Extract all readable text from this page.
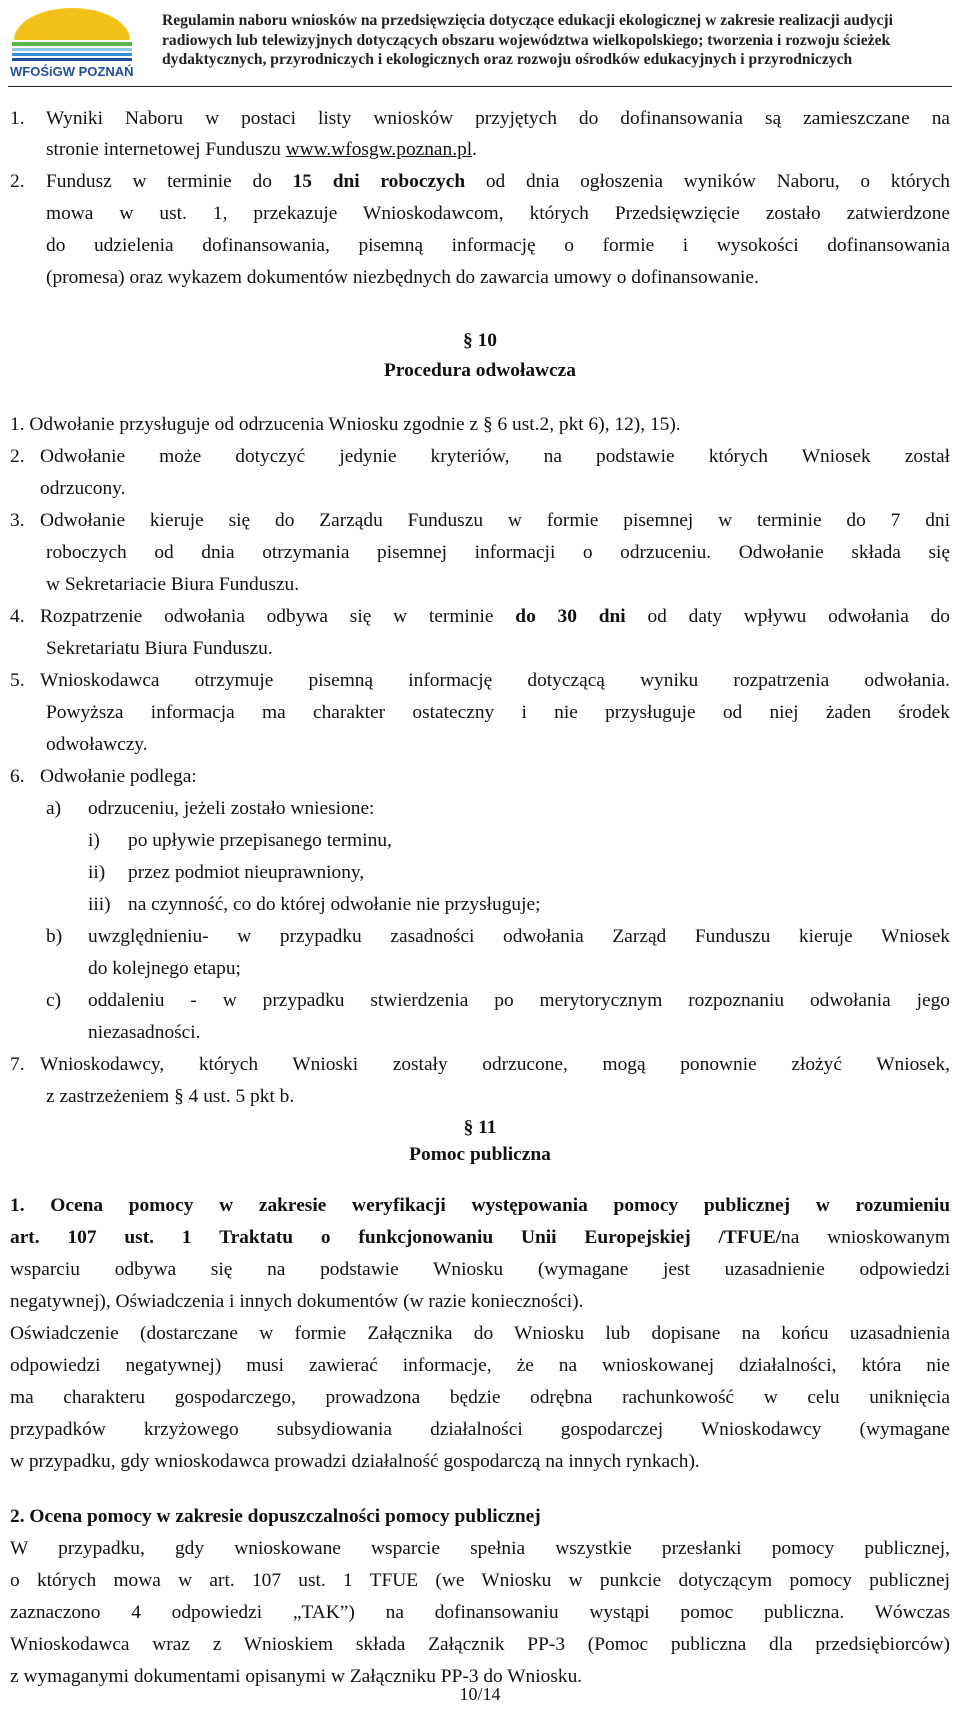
WFOŚiGW POZNAŃ
Regulamin naboru wniosków na przedsięwzięcia dotyczące edukacji ekologicznej w zakresie realizacji audycji
radiowych lub telewizyjnych dotyczących obszaru województwa wielkopolskiego; tworzenia i rozwoju ścieżek
dydaktycznych, przyrodniczych i ekologicznych oraz rozwoju ośrodków edukacyjnych i przyrodniczych
1. Wyniki Naboru w postaci listy wniosków przyjętych do dofinansowania są zamieszczane na
stronie internetowej Funduszu www.wfosgw.poznan.pl.
2. Fundusz w terminie do 15 dni roboczych od dnia ogłoszenia wyników Naboru, o których
mowa w ust. 1, przekazuje Wnioskodawcom, których Przedsięwzięcie zostało zatwierdzone
do udzielenia dofinansowania, pisemną informację o formie i wysokości dofinansowania
(promesa) oraz wykazem dokumentów niezbędnych do zawarcia umowy o dofinansowanie.
§ 10
Procedura odwoławcza
1. Odwołanie przysługuje od odrzucenia Wniosku zgodnie z § 6 ust.2, pkt 6), 12), 15).
2. Odwołanie może dotyczyć jedynie kryteriów, na podstawie których Wniosek został
odrzucony.
3. Odwołanie kieruje się do Zarządu Funduszu w formie pisemnej w terminie do 7 dni
roboczych od dnia otrzymania pisemnej informacji o odrzuceniu. Odwołanie składa się
w Sekretariacie Biura Funduszu.
4. Rozpatrzenie odwołania odbywa się w terminie do 30 dni od daty wpływu odwołania do
Sekretariatu Biura Funduszu.
5. Wnioskodawca otrzymuje pisemną informację dotyczącą wyniku rozpatrzenia odwołania.
Powyższa informacja ma charakter ostateczny i nie przysługuje od niej żaden środek
odwoławczy.
6. Odwołanie podlega:
a) odrzuceniu, jeżeli zostało wniesione:
i) po upływie przepisanego terminu,
ii) przez podmiot nieuprawniony,
iii) na czynność, co do której odwołanie nie przysługuje;
b) uwzględnieniu- w przypadku zasadności odwołania Zarząd Funduszu kieruje Wniosek
do kolejnego etapu;
c) oddaleniu - w przypadku stwierdzenia po merytorycznym rozpoznaniu odwołania jego
niezasadności.
7. Wnioskodawcy, których Wnioski zostały odrzucone, mogą ponownie złożyć Wniosek,
z zastrzeżeniem § 4 ust. 5 pkt b.
§ 11
Pomoc publiczna
1. Ocena pomocy w zakresie weryfikacji występowania pomocy publicznej w rozumieniu
art. 107 ust. 1 Traktatu o funkcjonowaniu Unii Europejskiej /TFUE/na wnioskowanym
wsparciu odbywa się na podstawie Wniosku (wymagane jest uzasadnienie odpowiedzi
negatywnej), Oświadczenia i innych dokumentów (w razie konieczności).
Oświadczenie (dostarczane w formie Załącznika do Wniosku lub dopisane na końcu uzasadnienia
odpowiedzi negatywnej) musi zawierać informacje, że na wnioskowanej działalności, która nie
ma charakteru gospodarczego, prowadzona będzie odrębna rachunkowość w celu uniknięcia
przypadków krzyżowego subsydiowania działalności gospodarczej Wnioskodawcy (wymagane
w przypadku, gdy wnioskodawca prowadzi działalność gospodarczą na innych rynkach).
2. Ocena pomocy w zakresie dopuszczalności pomocy publicznej
W przypadku, gdy wnioskowane wsparcie spełnia wszystkie przesłanki pomocy publicznej,
o których mowa w art. 107 ust. 1 TFUE (we Wniosku w punkcie dotyczącym pomocy publicznej
zaznaczono 4 odpowiedzi „TAK”) na dofinansowaniu wystąpi pomoc publiczna. Wówczas
Wnioskodawca wraz z Wnioskiem składa Załącznik PP-3 (Pomoc publiczna dla przedsiębiorców)
z wymaganymi dokumentami opisanymi w Załączniku PP-3 do Wniosku.
10/14
